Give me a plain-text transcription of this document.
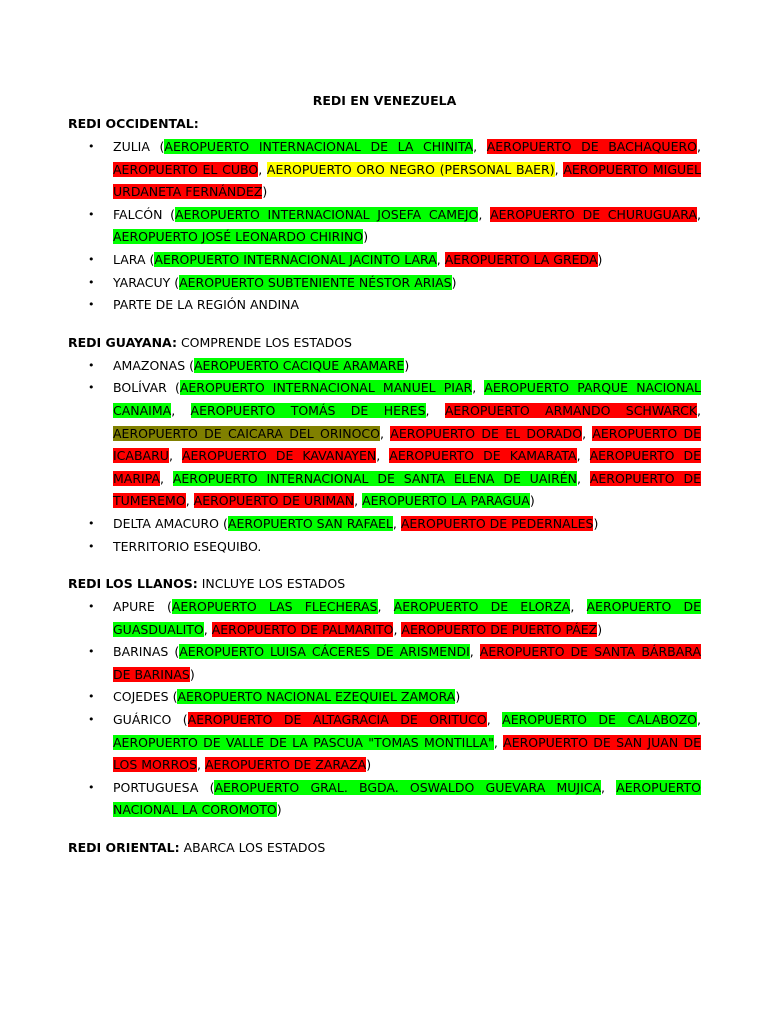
REDI EN VENEZUELA
REDI OCCIDENTAL:
• ZULIA (AEROPUERTO INTERNACIONAL DE LA CHINITA, AEROPUERTO DE BACHAQUERO, AEROPUERTO EL CUBO, AEROPUERTO ORO NEGRO (PERSONAL BAER), AEROPUERTO MIGUEL URDANETA FERNÁNDEZ)
• FALCÓN (AEROPUERTO INTERNACIONAL JOSEFA CAMEJO, AEROPUERTO DE CHURUGUARA, AEROPUERTO JOSÉ LEONARDO CHIRINO)
• LARA (AEROPUERTO INTERNACIONAL JACINTO LARA, AEROPUERTO LA GREDA)
• YARACUY (AEROPUERTO SUBTENIENTE NÉSTOR ARIAS)
• PARTE DE LA REGIÓN ANDINA
REDI GUAYANA: COMPRENDE LOS ESTADOS
• AMAZONAS (AEROPUERTO CACIQUE ARAMARE)
• BOLÍVAR (AEROPUERTO INTERNACIONAL MANUEL PIAR, AEROPUERTO PARQUE NACIONAL CANAIMA, AEROPUERTO TOMÁS DE HERES, AEROPUERTO ARMANDO SCHWARCK, AEROPUERTO DE CAICARA DEL ORINOCO, AEROPUERTO DE EL DORADO, AEROPUERTO DE ICABARU, AEROPUERTO DE KAVANAYEN, AEROPUERTO DE KAMARATA, AEROPUERTO DE MARIPA, AEROPUERTO INTERNACIONAL DE SANTA ELENA DE UAIRÉN, AEROPUERTO DE TUMEREMO, AEROPUERTO DE URIMAN, AEROPUERTO LA PARAGUA)
• DELTA AMACURO (AEROPUERTO SAN RAFAEL, AEROPUERTO DE PEDERNALES)
• TERRITORIO ESEQUIBO.
REDI LOS LLANOS: INCLUYE LOS ESTADOS
• APURE (AEROPUERTO LAS FLECHERAS, AEROPUERTO DE ELORZA, AEROPUERTO DE GUASDUALITO, AEROPUERTO DE PALMARITO, AEROPUERTO DE PUERTO PÁEZ)
• BARINAS (AEROPUERTO LUISA CÁCERES DE ARISMENDI, AEROPUERTO DE SANTA BÁRBARA DE BARINAS)
• COJEDES (AEROPUERTO NACIONAL EZEQUIEL ZAMORA)
• GUÁRICO (AEROPUERTO DE ALTAGRACIA DE ORITUCO, AEROPUERTO DE CALABOZO, AEROPUERTO DE VALLE DE LA PASCUA "TOMAS MONTILLA", AEROPUERTO DE SAN JUAN DE LOS MORROS, AEROPUERTO DE ZARAZA)
• PORTUGUESA (AEROPUERTO GRAL. BGDA. OSWALDO GUEVARA MUJICA, AEROPUERTO NACIONAL LA COROMOTO)
REDI ORIENTAL: ABARCA LOS ESTADOS
